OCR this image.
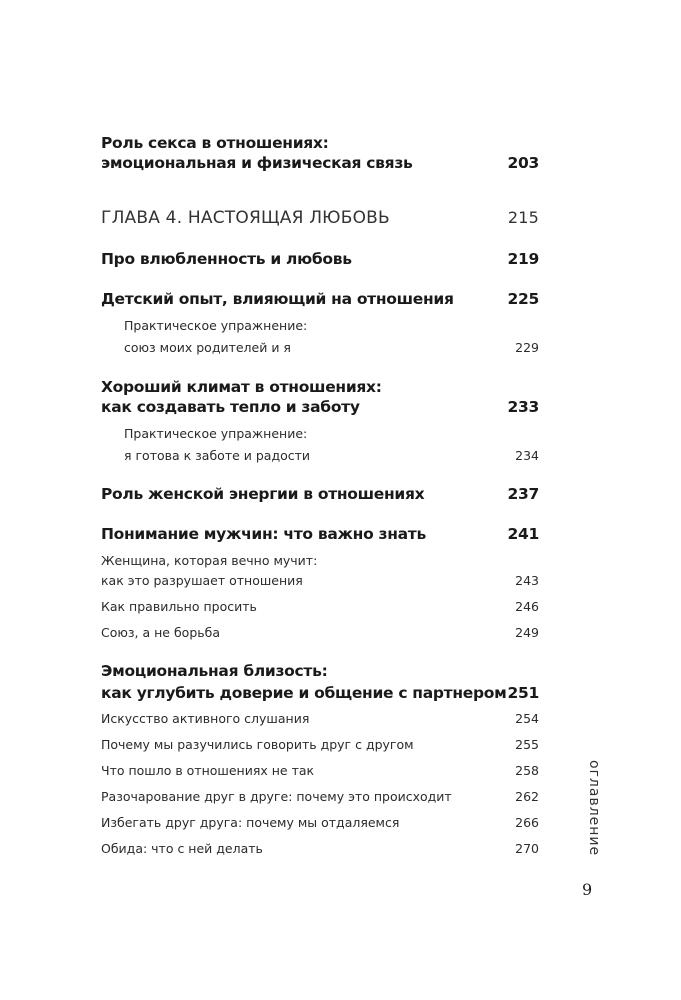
Роль секса в отношениях:
эмоциональная и физическая связь	203
ГЛАВА 4. НАСТОЯЩАЯ ЛЮБОВЬ	215
Про влюбленность и любовь	219
Детский опыт, влияющий на отношения	225
Практическое упражнение:
союз моих родителей и я	229
Хороший климат в отношениях:
как создавать тепло и заботу	233
Практическое упражнение:
я готова к заботе и радости	234
Роль женской энергии в отношениях	237
Понимание мужчин: что важно знать	241
Женщина, которая вечно мучит:
как это разрушает отношения	243
Как правильно просить	246
Союз, а не борьба	249
Эмоциональная близость:
как углубить доверие и общение с партнером 251
Искусство активного слушания	254
Почему мы разучились говорить друг с другом	255
Что пошло в отношениях не так	258
Разочарование друг в друге: почему это происходит	262
Избегать друг друга: почему мы отдаляемся	266
Обида: что с ней делать	270	оглавление
9
